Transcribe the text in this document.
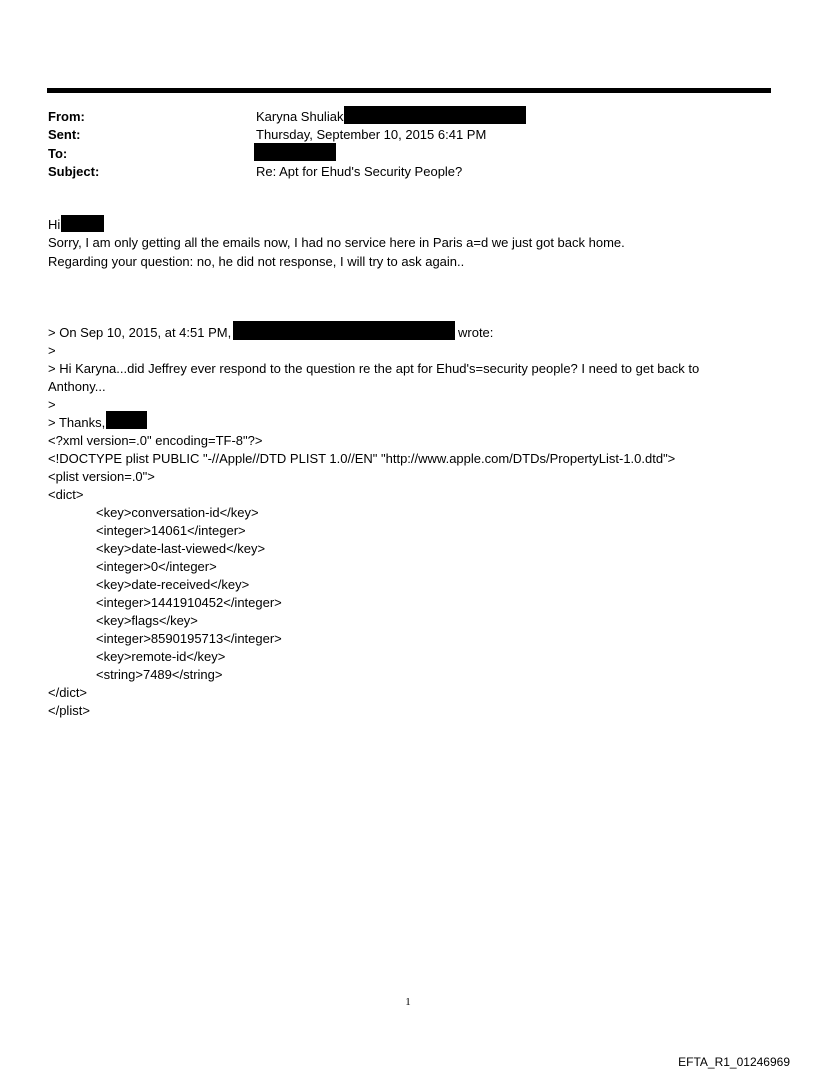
From:	Karyna Shuliak
Sent:	Thursday, September 10, 2015 6:41 PM
To:
Subject:	Re: Apt for Ehud's Security People?
Hi
Sorry, I am only getting all the emails now, I had no service here in Paris a=d we just got back home.
Regarding your question: no, he did not response, I will try to ask again..
> On Sep 10, 2015, at 4:51 PM,	wrote:
>
> Hi Karyna...did Jeffrey ever respond to the question re the apt for Ehud's=security people? I need to get back to
Anthony...
>
> Thanks,
<?xml version=.0" encoding=TF-8"?>
<!DOCTYPE plist PUBLIC "-//Apple//DTD PLIST 1.0//EN" "http://www.apple.com/DTDs/PropertyList-1.0.dtd">
<plist version=.0">
<dict>
<key>conversation-id</key>
<integer>14061</integer>
<key>date-last-viewed</key>
<integer>0</integer>
<key>date-received</key>
<integer>1441910452</integer>
<key>flags</key>
<integer>8590195713</integer>
<key>remote-id</key>
<string>7489</string>
</dict>
</plist>
1
EFTA_R1_01246969
